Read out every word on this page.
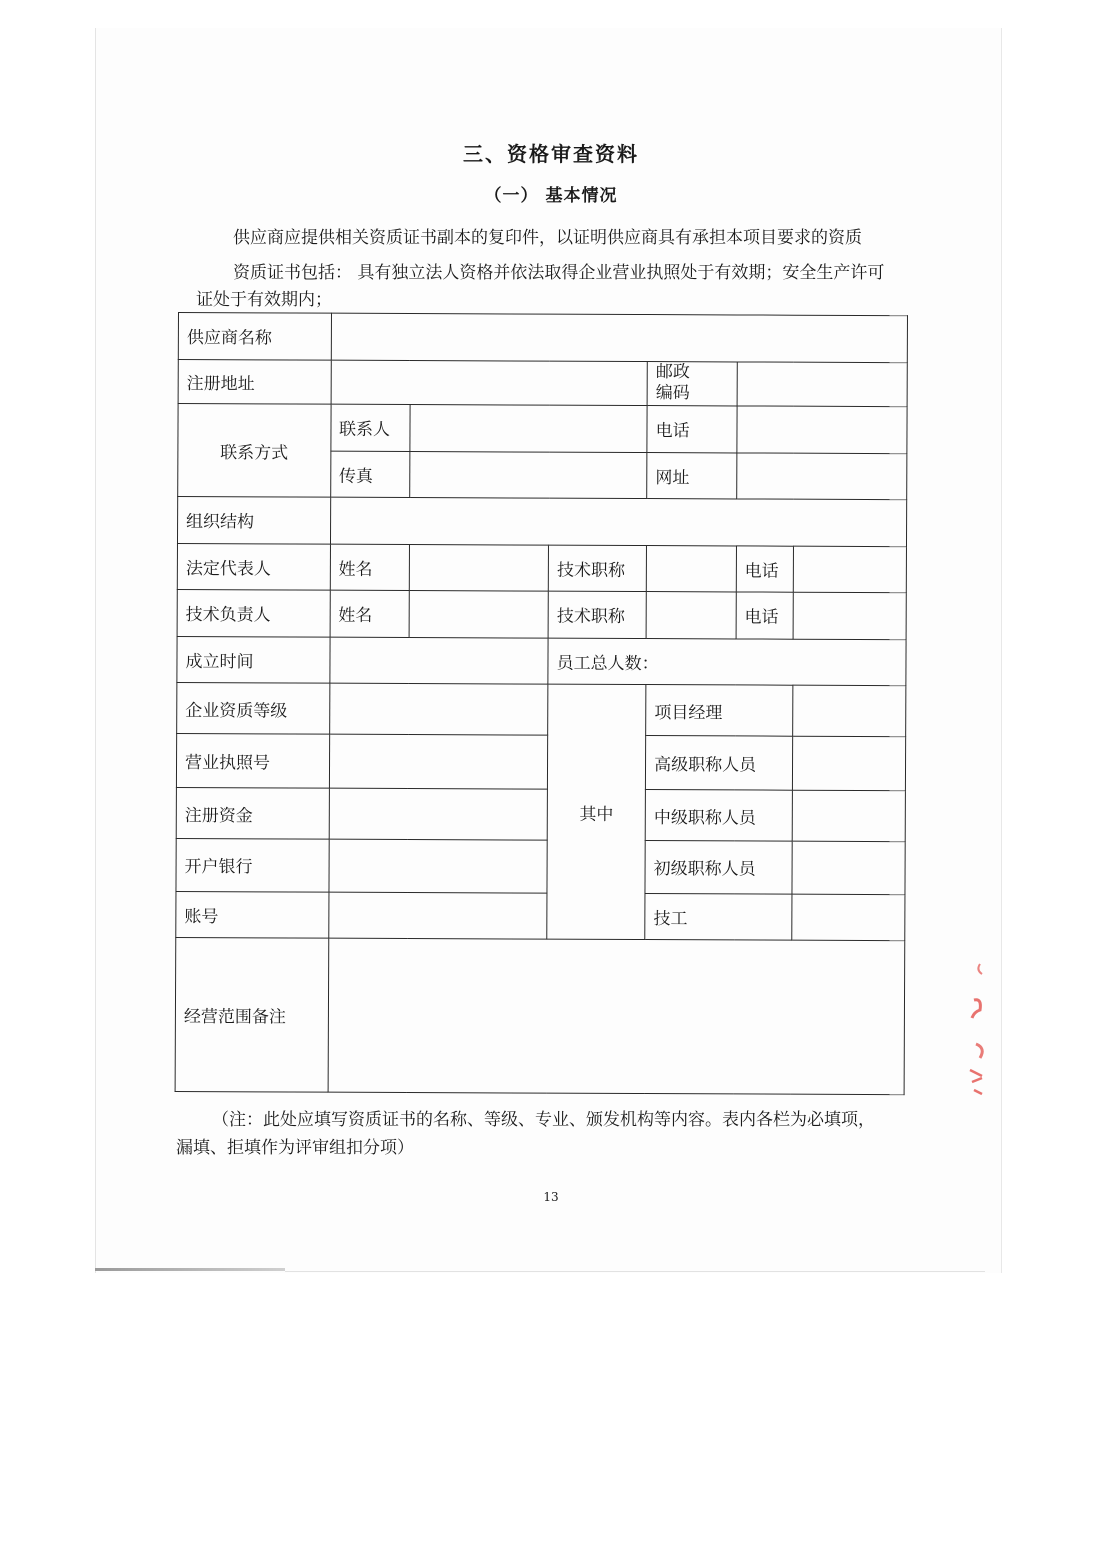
三、资格审查资料
（一） 基本情况
供应商应提供相关资质证书副本的复印件，以证明供应商具有承担本项目要求的资质
资质证书包括： 具有独立法人资格并依法取得企业营业执照处于有效期；安全生产许可
证处于有效期内；
供应商名称						
注册地址				邮政
编码		
联系方式	联系人			电话		
	传真			网址		
组织结构						
法定代表人	姓名		技术职称		电话	
技术负责人	姓名		技术职称		电话	
成立时间			员工总人数：			
企业资质等级			其中	项目经理		
营业执照号				高级职称人员		
注册资金				中级职称人员		
开户银行				初级职称人员		
账号				技工		
经营范围备注						
（注：此处应填写资质证书的名称、等级、专业、颁发机构等内容。表内各栏为必填项，
漏填、拒填作为评审组扣分项）
13
